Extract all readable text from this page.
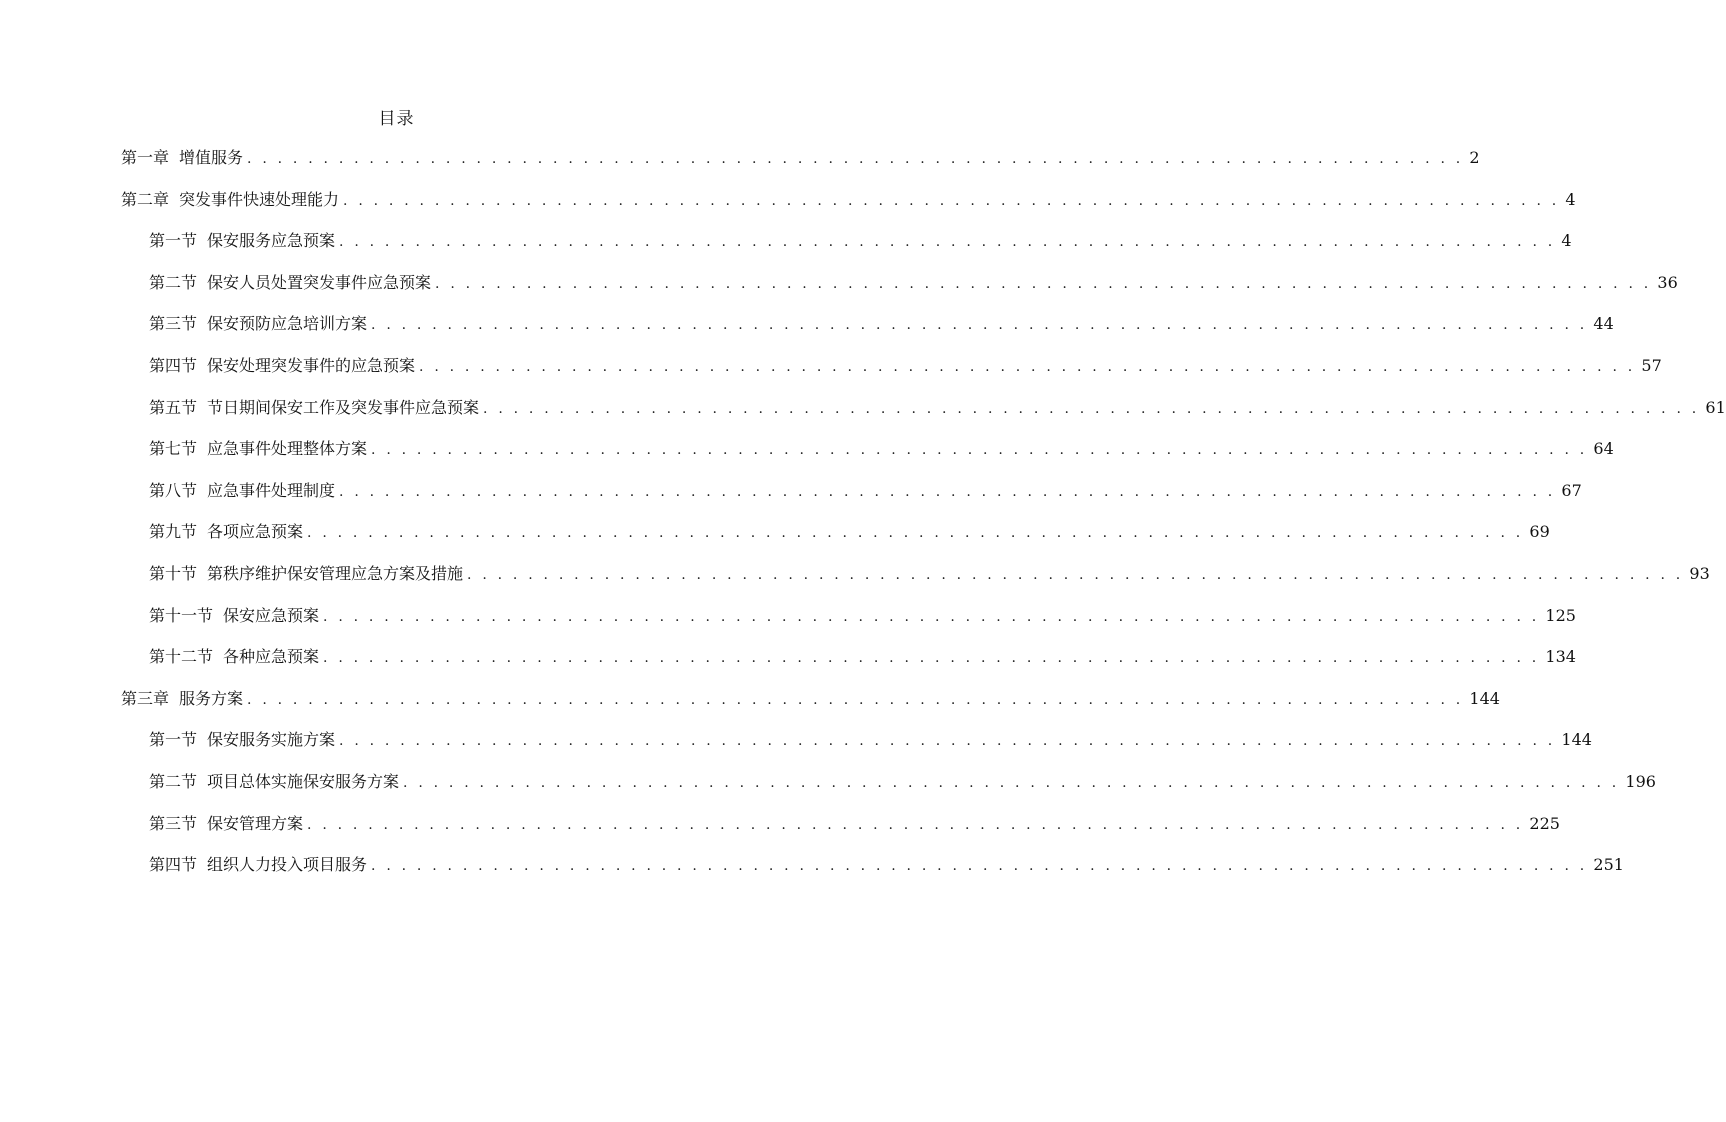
目录
第一章 增值服务 . . . . . . . . . . . . . . . . . . . . . . . . . . . . . . . . . . . . . . . . . . . . . . . . . . . . . . . . . . . . . . . . . . . . . . . . . . . . . . . . 2
第二章 突发事件快速处理能力 . . . . . . . . . . . . . . . . . . . . . . . . . . . . . . . . . . . . . . . . . . . . . . . . . . . . . . . . . . . . . . . . . . . . . . . . . . . . . . . . 4
第一节 保安服务应急预案 . . . . . . . . . . . . . . . . . . . . . . . . . . . . . . . . . . . . . . . . . . . . . . . . . . . . . . . . . . . . . . . . . . . . . . . . . . . . . . . . 4
第二节 保安人员处置突发事件应急预案 . . . . . . . . . . . . . . . . . . . . . . . . . . . . . . . . . . . . . . . . . . . . . . . . . . . . . . . . . . . . . . . . . . . . . . . . . . . . . . . . 36
第三节 保安预防应急培训方案 . . . . . . . . . . . . . . . . . . . . . . . . . . . . . . . . . . . . . . . . . . . . . . . . . . . . . . . . . . . . . . . . . . . . . . . . . . . . . . . . 44
第四节 保安处理突发事件的应急预案 . . . . . . . . . . . . . . . . . . . . . . . . . . . . . . . . . . . . . . . . . . . . . . . . . . . . . . . . . . . . . . . . . . . . . . . . . . . . . . . . 57
第五节 节日期间保安工作及突发事件应急预案 . . . . . . . . . . . . . . . . . . . . . . . . . . . . . . . . . . . . . . . . . . . . . . . . . . . . . . . . . . . . . . . . . . . . . . . . . . . . . . . . 61
第七节 应急事件处理整体方案 . . . . . . . . . . . . . . . . . . . . . . . . . . . . . . . . . . . . . . . . . . . . . . . . . . . . . . . . . . . . . . . . . . . . . . . . . . . . . . . . 64
第八节 应急事件处理制度 . . . . . . . . . . . . . . . . . . . . . . . . . . . . . . . . . . . . . . . . . . . . . . . . . . . . . . . . . . . . . . . . . . . . . . . . . . . . . . . . 67
第九节 各项应急预案 . . . . . . . . . . . . . . . . . . . . . . . . . . . . . . . . . . . . . . . . . . . . . . . . . . . . . . . . . . . . . . . . . . . . . . . . . . . . . . . . 69
第十节 第秩序维护保安管理应急方案及措施 . . . . . . . . . . . . . . . . . . . . . . . . . . . . . . . . . . . . . . . . . . . . . . . . . . . . . . . . . . . . . . . . . . . . . . . . . . . . . . . . 93
第十一节 保安应急预案 . . . . . . . . . . . . . . . . . . . . . . . . . . . . . . . . . . . . . . . . . . . . . . . . . . . . . . . . . . . . . . . . . . . . . . . . . . . . . . . . 125
第十二节 各种应急预案 . . . . . . . . . . . . . . . . . . . . . . . . . . . . . . . . . . . . . . . . . . . . . . . . . . . . . . . . . . . . . . . . . . . . . . . . . . . . . . . . 134
第三章 服务方案 . . . . . . . . . . . . . . . . . . . . . . . . . . . . . . . . . . . . . . . . . . . . . . . . . . . . . . . . . . . . . . . . . . . . . . . . . . . . . . . . 144
第一节 保安服务实施方案 . . . . . . . . . . . . . . . . . . . . . . . . . . . . . . . . . . . . . . . . . . . . . . . . . . . . . . . . . . . . . . . . . . . . . . . . . . . . . . . . 144
第二节 项目总体实施保安服务方案 . . . . . . . . . . . . . . . . . . . . . . . . . . . . . . . . . . . . . . . . . . . . . . . . . . . . . . . . . . . . . . . . . . . . . . . . . . . . . . . . 196
第三节 保安管理方案 . . . . . . . . . . . . . . . . . . . . . . . . . . . . . . . . . . . . . . . . . . . . . . . . . . . . . . . . . . . . . . . . . . . . . . . . . . . . . . . . 225
第四节 组织人力投入项目服务 . . . . . . . . . . . . . . . . . . . . . . . . . . . . . . . . . . . . . . . . . . . . . . . . . . . . . . . . . . . . . . . . . . . . . . . . . . . . . . . . 251
